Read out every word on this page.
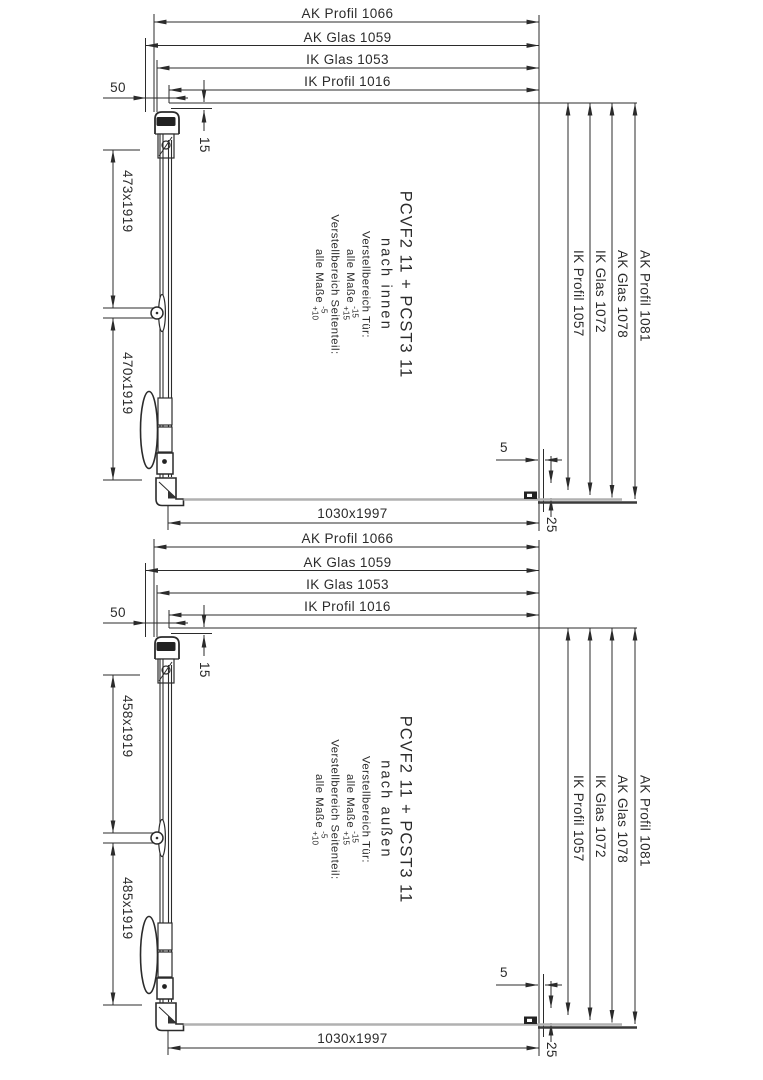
AK Profil 1066
AK Glas 1059
IK Glas 1053
IK Profil 1016
50
15
473x1919
470x1919
IK Profil 1057 IK Glas 1072 AK Glas 1078 AK Profil 1081
1030x1997
5
25
PCVF2 11 + PCST3 11
nach innen
Verstellbereich Tür:
alle Maße
-15
+15
Verstellbereich Seitenteil:
alle Maße
-5
+10
AK Profil 1066
AK Glas 1059
IK Glas 1053
IK Profil 1016
50
15
458x1919
485x1919
IK Profil 1057 IK Glas 1072 AK Glas 1078 AK Profil 1081
1030x1997
5
25
PCVF2 11 + PCST3 11
nach außen
Verstellbereich Tür:
alle Maße
-15
+15
Verstellbereich Seitenteil:
alle Maße
-5
+10
